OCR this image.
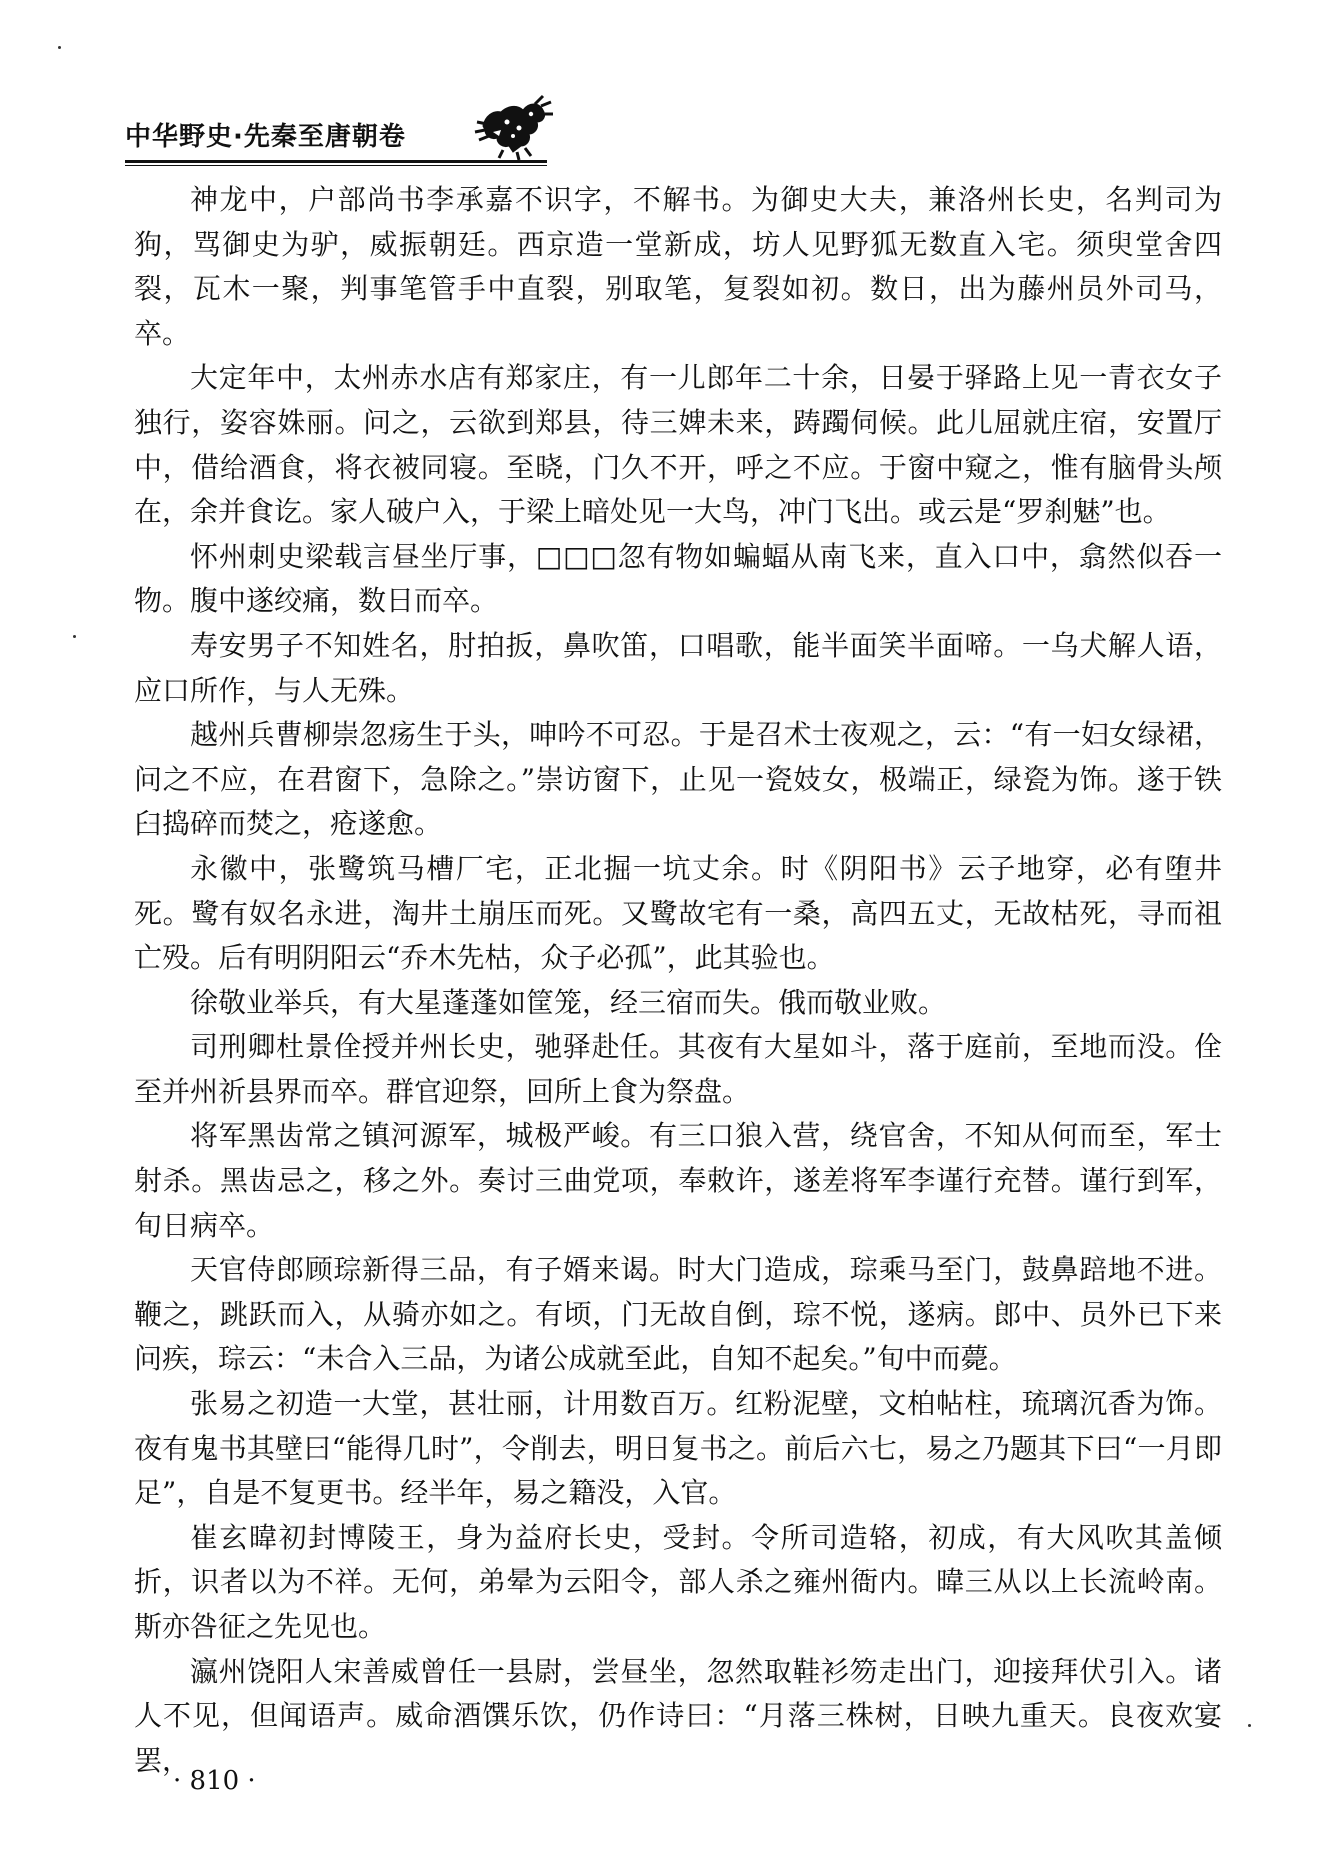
中华野史·先秦至唐朝卷

神龙中，户部尚书李承嘉不识字，不解书。为御史大夫，兼洛州长史，名判司为狗，骂御史为驴，威振朝廷。西京造一堂新成，坊人见野狐无数直入宅。须臾堂舍四裂，瓦木一聚，判事笔管手中直裂，别取笔，复裂如初。数日，出为藤州员外司马，卒。

大定年中，太州赤水店有郑家庄，有一儿郎年二十余，日晏于驿路上见一青衣女子独行，姿容姝丽。问之，云欲到郑县，待三婢未来，踌躅伺候。此儿屈就庄宿，安置厅中，借给酒食，将衣被同寝。至晓，门久不开，呼之不应。于窗中窥之，惟有脑骨头颅在，余并食讫。家人破户入，于梁上暗处见一大鸟，冲门飞出。或云是“罗刹魅”也。

怀州刺史梁载言昼坐厅事，□□□忽有物如蝙蝠从南飞来，直入口中，翕然似吞一物。腹中遂绞痛，数日而卒。

寿安男子不知姓名，肘拍扳，鼻吹笛，口唱歌，能半面笑半面啼。一乌犬解人语，应口所作，与人无殊。

越州兵曹柳崇忽疡生于头，呻吟不可忍。于是召术士夜观之，云：“有一妇女绿裙，问之不应，在君窗下，急除之。”崇访窗下，止见一瓷妓女，极端正，绿瓷为饰。遂于铁臼捣碎而焚之，疮遂愈。

永徽中，张鹭筑马槽厂宅，正北掘一坑丈余。时《阴阳书》云子地穿，必有堕井死。鹭有奴名永进，淘井土崩压而死。又鹭故宅有一桑，高四五丈，无故枯死，寻而祖亡殁。后有明阴阳云“乔木先枯，众子必孤”，此其验也。

徐敬业举兵，有大星蓬蓬如筐笼，经三宿而失。俄而敬业败。

司刑卿杜景佺授并州长史，驰驿赴任。其夜有大星如斗，落于庭前，至地而没。佺至并州祈县界而卒。群官迎祭，回所上食为祭盘。

将军黑齿常之镇河源军，城极严峻。有三口狼入营，绕官舍，不知从何而至，军士射杀。黑齿忌之，移之外。奏讨三曲党项，奉敕许，遂差将军李谨行充替。谨行到军，旬日病卒。

天官侍郎顾琮新得三品，有子婿来谒。时大门造成，琮乘马至门，鼓鼻踣地不进。鞭之，跳跃而入，从骑亦如之。有顷，门无故自倒，琮不悦，遂病。郎中、员外已下来问疾，琮云：“未合入三品，为诸公成就至此，自知不起矣。”旬中而薨。

张易之初造一大堂，甚壮丽，计用数百万。红粉泥壁，文柏帖柱，琉璃沉香为饰。夜有鬼书其壁曰“能得几时”，令削去，明日复书之。前后六七，易之乃题其下曰“一月即足”，自是不复更书。经半年，易之籍没，入官。

崔玄暐初封博陵王，身为益府长史，受封。令所司造辂，初成，有大风吹其盖倾折，识者以为不祥。无何，弟晕为云阳令，部人杀之雍州衙内。暐三从以上长流岭南。斯亦咎征之先见也。

瀛州饶阳人宋善威曾任一县尉，尝昼坐，忽然取鞋衫笏走出门，迎接拜伏引入。诸人不见，但闻语声。威命酒馔乐饮，仍作诗曰：“月落三株树，日映九重天。良夜欢宴罢，

· 810 ·
